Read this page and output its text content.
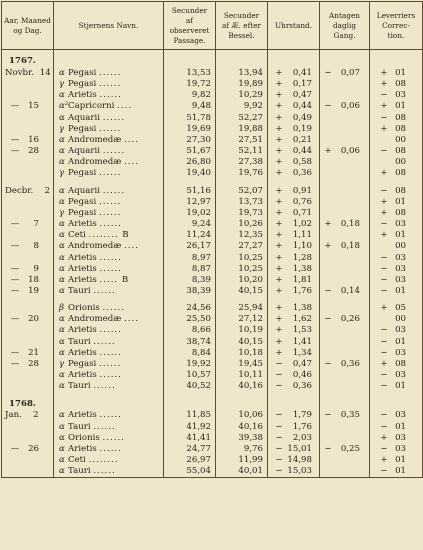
Aar, Maaned
og Dag.	Stjernens Navn.	Secunder
af observeret
Passage.	Secunder
af Æ. efter
Bessel.	Uhrstand.	Antagen
daglig
Gang.	Leverriers
Correc-
tion.

1767.						
Novbr. 14	α Pegasi ......	13,53	13,94	+ 0,41	− 0,07	+ 01
	γ Pegasi ......	19,72	19,89	+ 0,17		+ 08
	α Arietis ......	9,82	10,29	+ 0,47		− 03
— 15	α²Capricorni ....	9,48	9,92	+ 0,44	− 0,06	+ 01
	α Aquarii ......	51,78	52,27	+ 0,49		− 08
	γ Pegasi ......	19,69	19,88	+ 0,19		+ 08
— 16	α Andromedæ ....	27,30	27,51	+ 0,21		00
— 28	α Aquarii ......	51,67	52,11	+ 0,44	+ 0,06	− 08
	α Andromedæ ....	26,80	27,38	+ 0,58		00
	γ Pegasi ......	19,40	19,76	+ 0,36		+ 08

Decbr. 2	α Aquarii ......	51,16	52,07	+ 0,91		− 08
	α Pegasi ......	12,97	13,73	+ 0,76		+ 01
	γ Pegasi ......	19,02	19,73	+ 0,71		+ 08
— 7	α Arietis ......	9,24	10,26	+ 1,02	+ 0,18	− 03
	α Ceti ........ B	11,24	12,35	+ 1,11		+ 01
— 8	α Andromedæ ....	26,17	27,27	+ 1,10	+ 0,18	00
	α Arietis ......	8,97	10,25	+ 1,28		− 03
— 9	α Arietis ......	8,87	10,25	+ 1,38		− 03
— 18	α Arietis ..... B	8,39	10,20	+ 1,81		− 03
— 19	α Tauri ......	38,39	40,15	+ 1,76	− 0,14	− 01

	β Orionis ......	24,56	25,94	+ 1,38		+ 05
— 20	α Andromedæ ....	25,50	27,12	+ 1,62	− 0,26	00
	α Arietis ......	8,66	10,19	+ 1,53		− 03
	α Tauri ......	38,74	40,15	+ 1,41		− 01
— 21	α Arietis ......	8,84	10,18	+ 1,34		− 03
— 28	γ Pegasi ......	19,92	19,45	− 0,47	− 0,36	+ 08
	α Arietis ......	10,57	10,11	− 0,46		− 03
	α Tauri ......	40,52	40,16	− 0,36		− 01

1768.						
Jan. 2	α Arietis ......	11,85	10,06	− 1,79	− 0,35	− 03
	α Tauri ......	41,92	40,16	− 1,76		− 01
	α Orionis ......	41,41	39,38	− 2,03		+ 03
— 26	α Arietis ......	24,77	9,76	− 15,01	− 0,25	− 03
	α Ceti ........	26,97	11,99	− 14,98		+ 01
	α Tauri ......	55,04	40,01	− 15,03		− 01
